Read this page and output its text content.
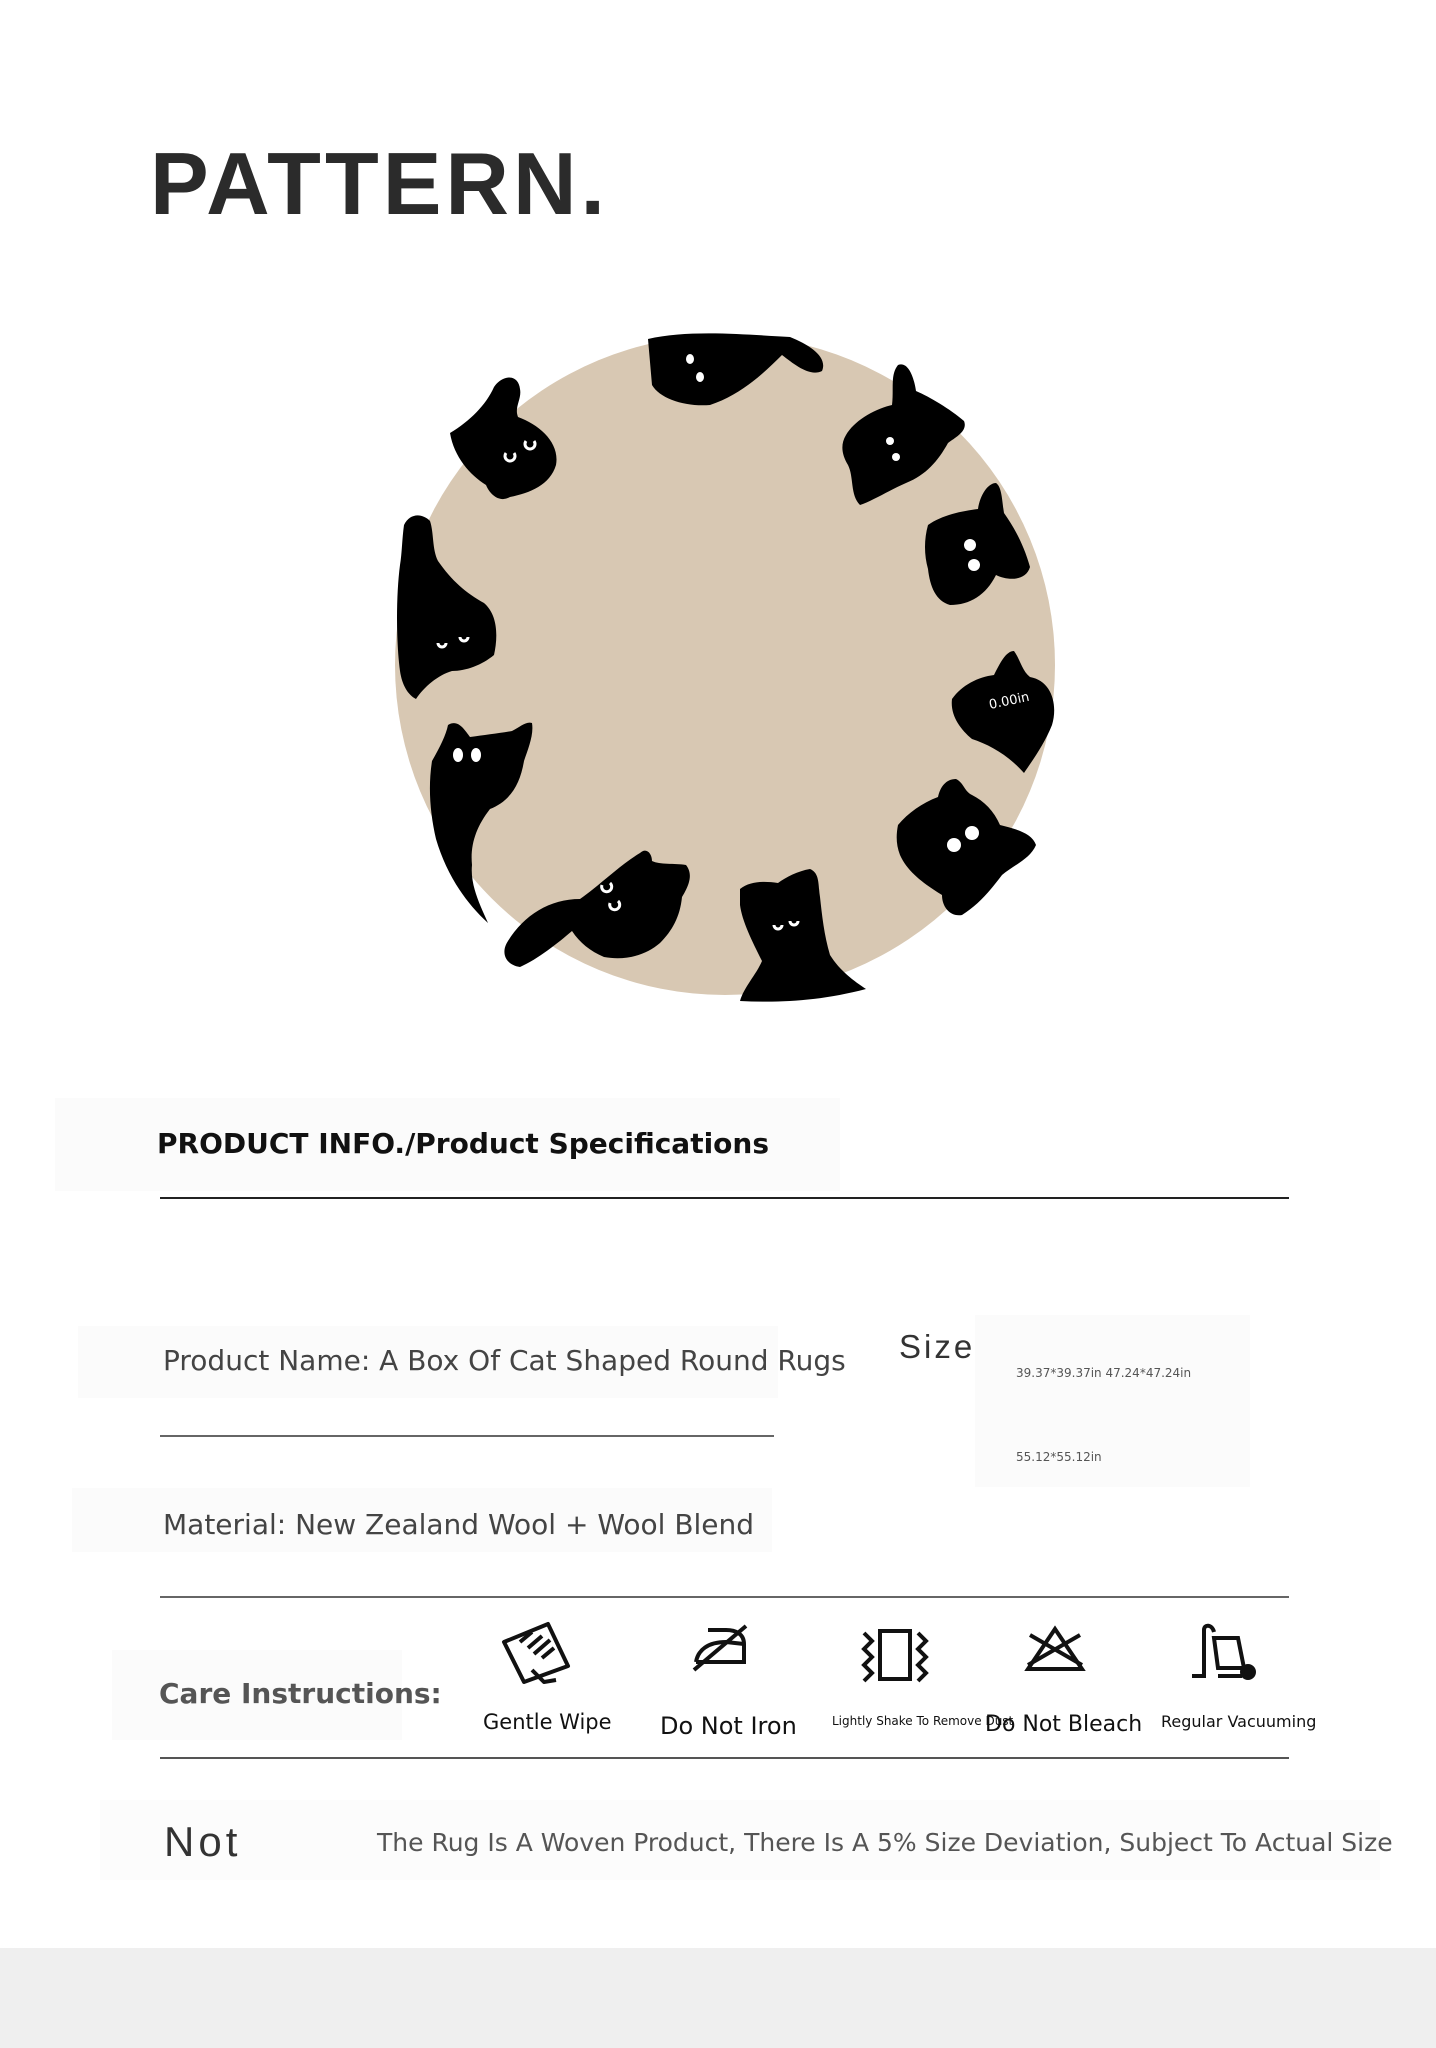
PATTERN.
0.00in
PRODUCT INFO./Product Specifications
Product Name: A Box Of Cat Shaped Round Rugs Size
39.37*39.37in 47.24*47.24in
55.12*55.12in
Material: New Zealand Wool + Wool Blend
Care Instructions:
Gentle Wipe Do Not Iron	Lightly Shake To Remove Dust
Do Not Bleach Regular Vacuuming
Not	The Rug Is A Woven Product, There Is A 5% Size Deviation, Subject To Actual Size
